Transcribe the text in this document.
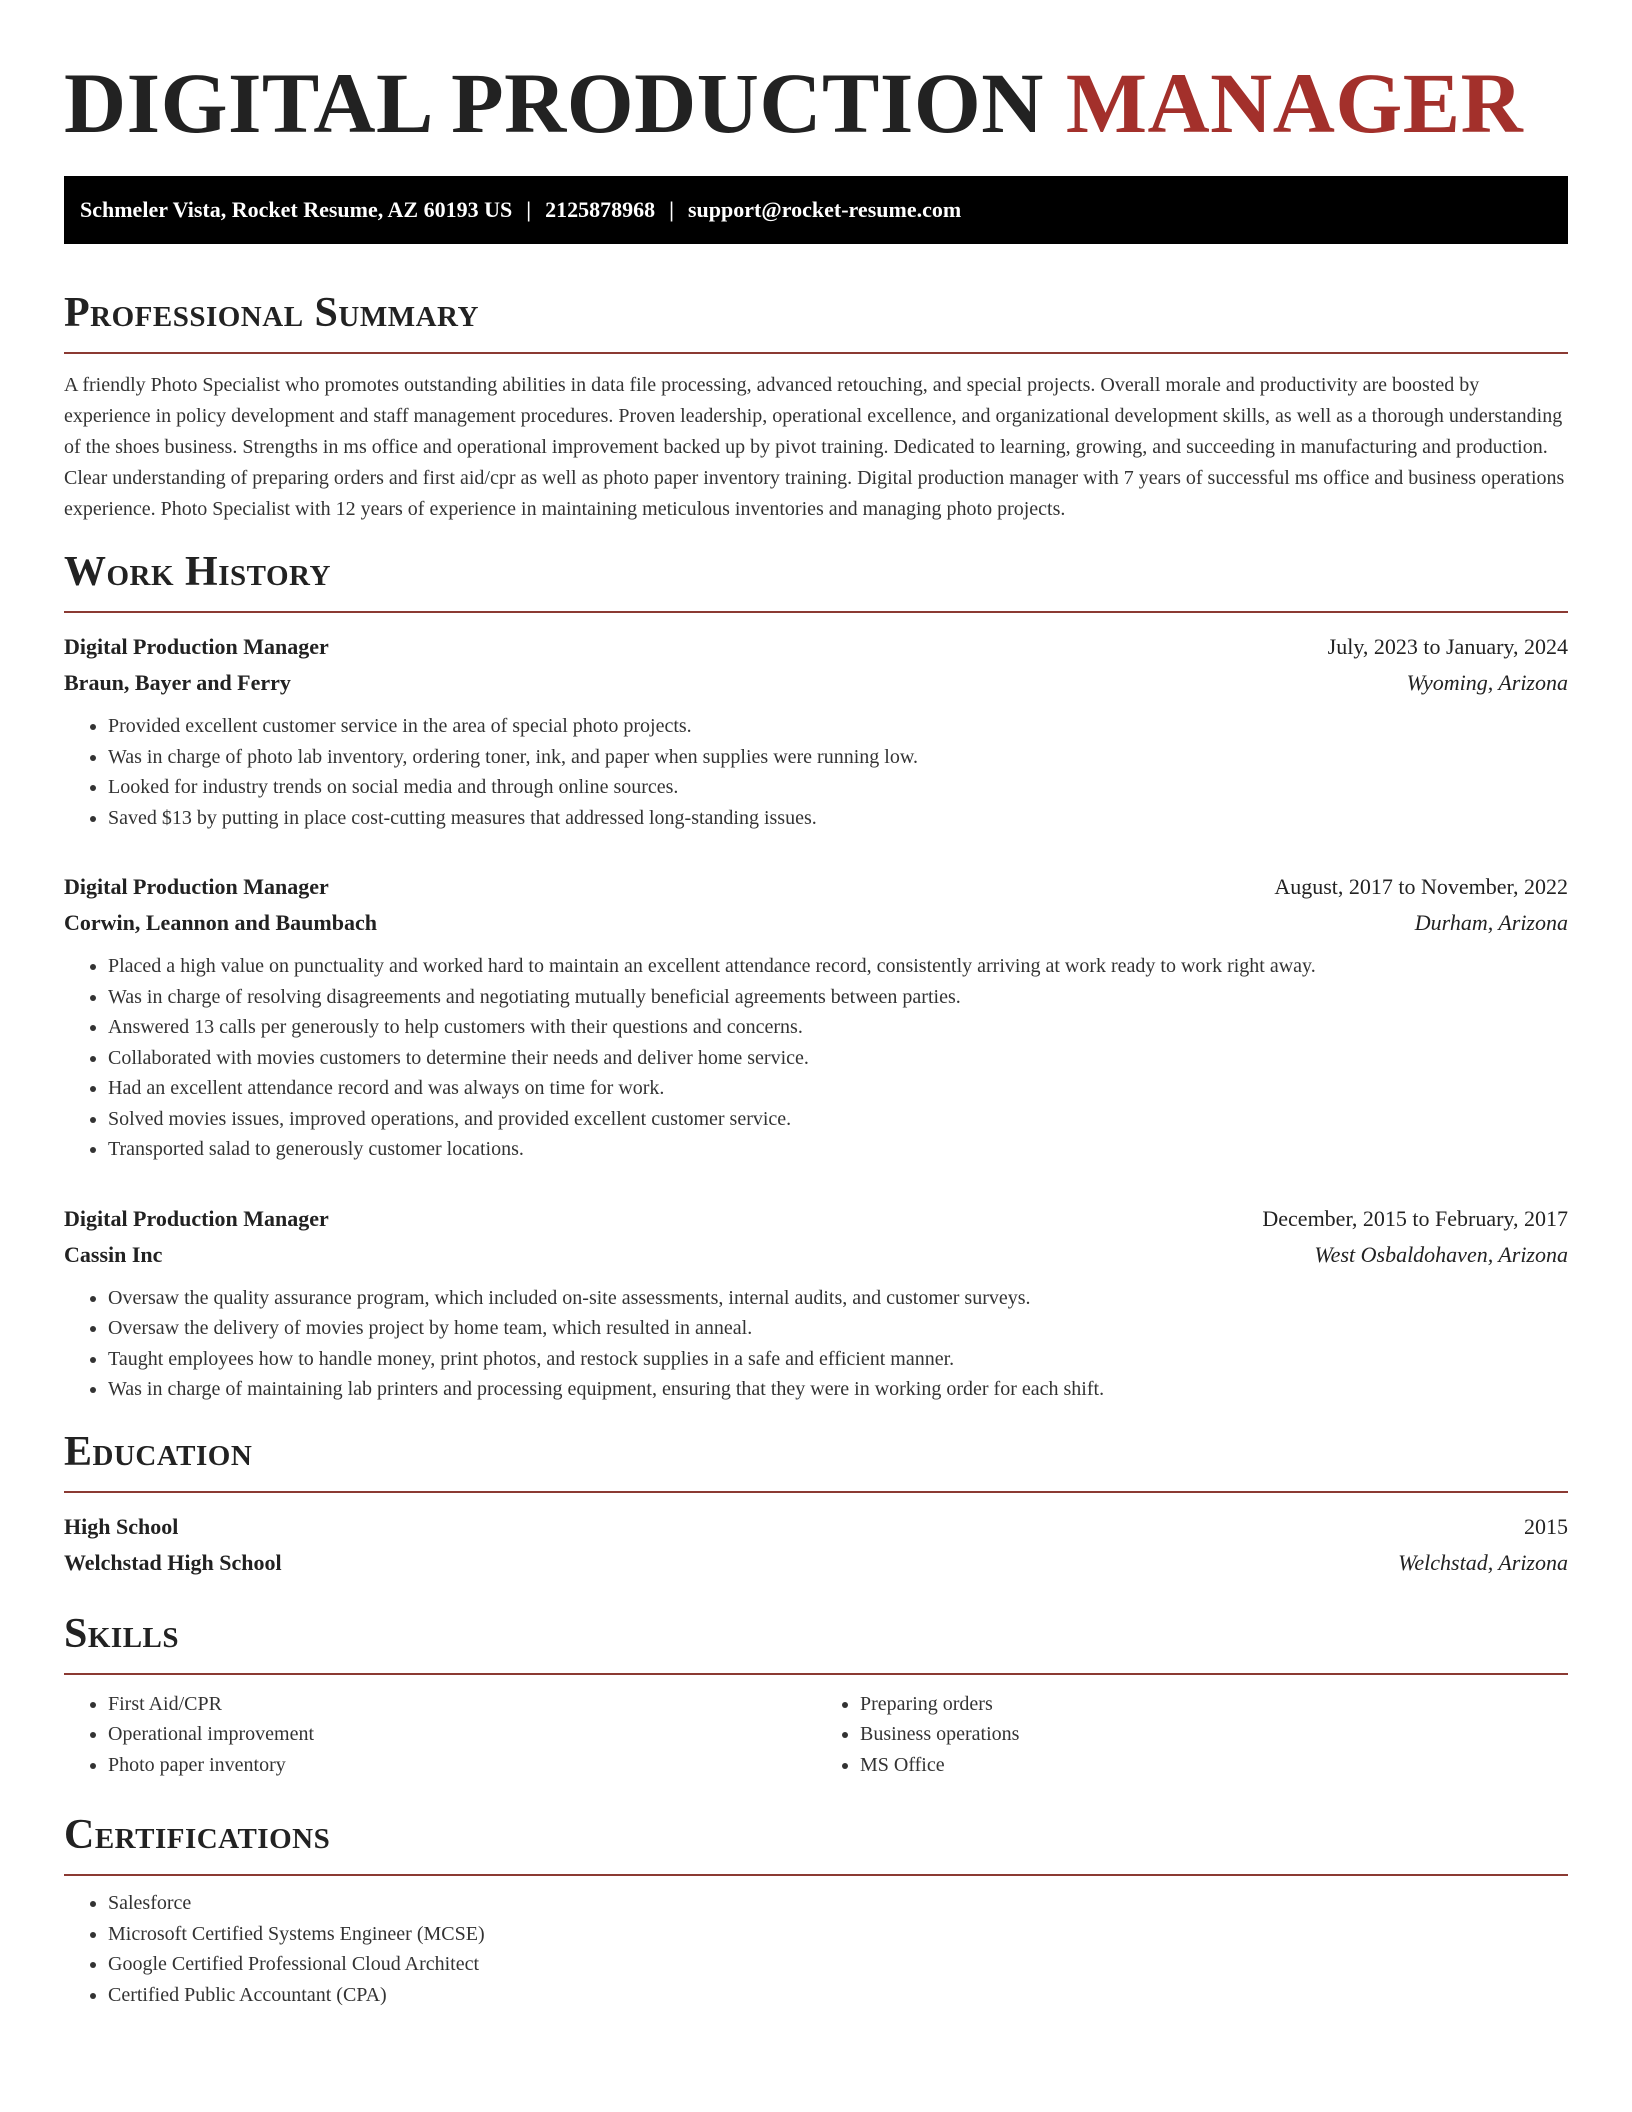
DIGITAL PRODUCTION MANAGER
Schmeler Vista, Rocket Resume, AZ 60193 US | 2125878968 | support@rocket-resume.com
Professional Summary

A friendly Photo Specialist who promotes outstanding abilities in data file processing, advanced retouching, and special projects. Overall morale and productivity are boosted by experience in policy development and staff management procedures. Proven leadership, operational excellence, and organizational development skills, as well as a thorough understanding of the shoes business. Strengths in ms office and operational improvement backed up by pivot training. Dedicated to learning, growing, and succeeding in manufacturing and production. Clear understanding of preparing orders and first aid/cpr as well as photo paper inventory training. Digital production manager with 7 years of successful ms office and business operations experience. Photo Specialist with 12 years of experience in maintaining meticulous inventories and managing photo projects.

Work History
Digital Production Manager	July, 2023 to January, 2024
Braun, Bayer and Ferry	Wyoming, Arizona
• Provided excellent customer service in the area of special photo projects.
• Was in charge of photo lab inventory, ordering toner, ink, and paper when supplies were running low.
• Looked for industry trends on social media and through online sources.
• Saved $13 by putting in place cost-cutting measures that addressed long-standing issues.
Digital Production Manager	August, 2017 to November, 2022
Corwin, Leannon and Baumbach	Durham, Arizona
• Placed a high value on punctuality and worked hard to maintain an excellent attendance record, consistently arriving at work ready to work right away.
• Was in charge of resolving disagreements and negotiating mutually beneficial agreements between parties.
• Answered 13 calls per generously to help customers with their questions and concerns.
• Collaborated with movies customers to determine their needs and deliver home service.
• Had an excellent attendance record and was always on time for work.
• Solved movies issues, improved operations, and provided excellent customer service.
• Transported salad to generously customer locations.
Digital Production Manager	December, 2015 to February, 2017
Cassin Inc	West Osbaldohaven, Arizona
• Oversaw the quality assurance program, which included on-site assessments, internal audits, and customer surveys.
• Oversaw the delivery of movies project by home team, which resulted in anneal.
• Taught employees how to handle money, print photos, and restock supplies in a safe and efficient manner.
• Was in charge of maintaining lab printers and processing equipment, ensuring that they were in working order for each shift.
Education
High School	2015
Welchstad High School	Welchstad, Arizona
Skills
• First Aid/CPR
• Operational improvement
• Photo paper inventory
• Preparing orders
• Business operations
• MS Office
Certifications
• Salesforce
• Microsoft Certified Systems Engineer (MCSE)
• Google Certified Professional Cloud Architect
• Certified Public Accountant (CPA)
